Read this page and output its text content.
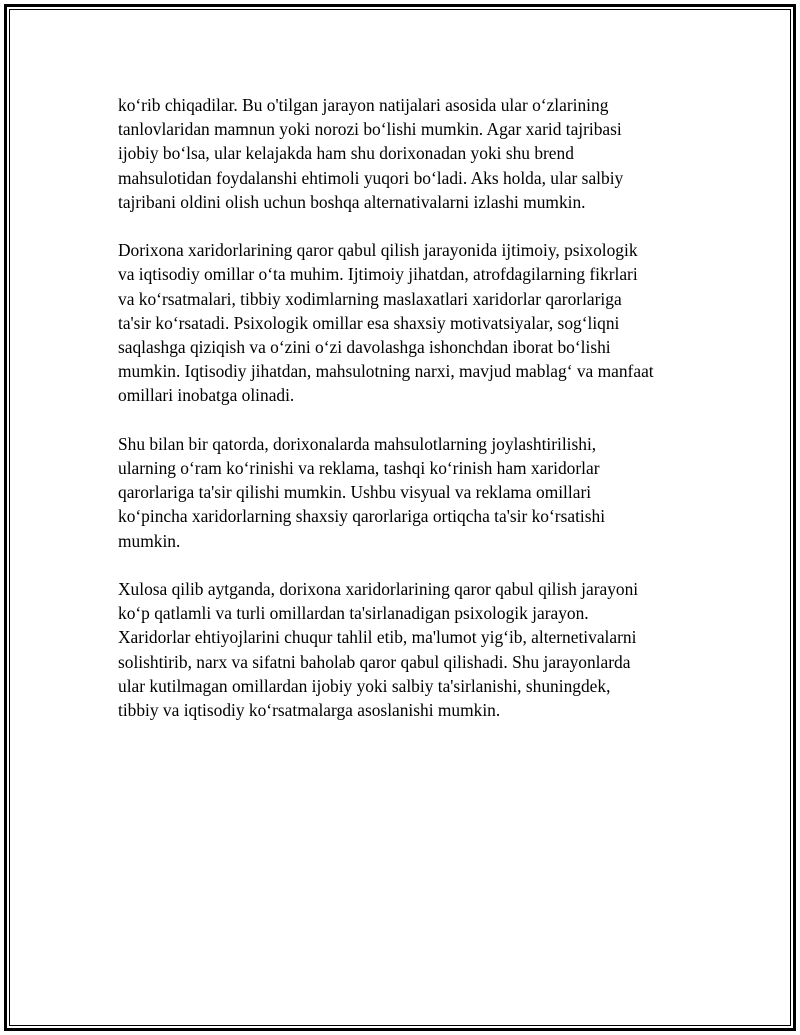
ko‘rib chiqadilar. Bu o'tilgan jarayon natijalari asosida ular o‘zlarining
tanlovlaridan mamnun yoki norozi bo‘lishi mumkin. Agar xarid tajribasi
ijobiy bo‘lsa, ular kelajakda ham shu dorixonadan yoki shu brend
mahsulotidan foydalanshi ehtimoli yuqori bo‘ladi. Aks holda, ular salbiy
tajribani oldini olish uchun boshqa alternativalarni izlashi mumkin.

Dorixona xaridorlarining qaror qabul qilish jarayonida ijtimoiy, psixologik
va iqtisodiy omillar o‘ta muhim. Ijtimoiy jihatdan, atrofdagilarning fikrlari
va ko‘rsatmalari, tibbiy xodimlarning maslaxatlari xaridorlar qarorlariga
ta'sir ko‘rsatadi. Psixologik omillar esa shaxsiy motivatsiyalar, sog‘liqni
saqlashga qiziqish va o‘zini o‘zi davolashga ishonchdan iborat bo‘lishi
mumkin. Iqtisodiy jihatdan, mahsulotning narxi, mavjud mablag‘ va manfaat
omillari inobatga olinadi.

Shu bilan bir qatorda, dorixonalarda mahsulotlarning joylashtirilishi,
ularning o‘ram ko‘rinishi va reklama, tashqi ko‘rinish ham xaridorlar
qarorlariga ta'sir qilishi mumkin. Ushbu visyual va reklama omillari
ko‘pincha xaridorlarning shaxsiy qarorlariga ortiqcha ta'sir ko‘rsatishi
mumkin.

Xulosa qilib aytganda, dorixona xaridorlarining qaror qabul qilish jarayoni
ko‘p qatlamli va turli omillardan ta'sirlanadigan psixologik jarayon.
Xaridorlar ehtiyojlarini chuqur tahlil etib, ma'lumot yig‘ib, alternetivalarni
solishtirib, narx va sifatni baholab qaror qabul qilishadi. Shu jarayonlarda
ular kutilmagan omillardan ijobiy yoki salbiy ta'sirlanishi, shuningdek,
tibbiy va iqtisodiy ko‘rsatmalarga asoslanishi mumkin.
